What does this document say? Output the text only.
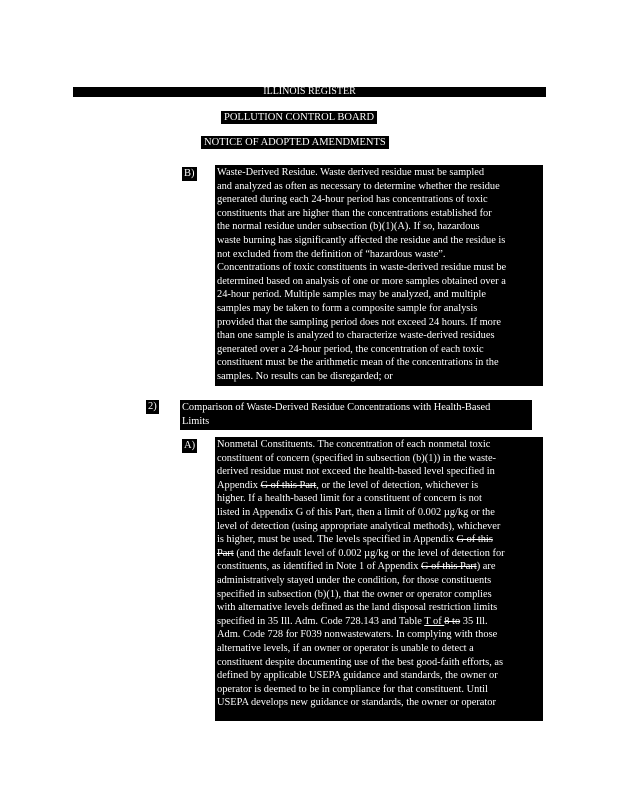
ILLINOIS REGISTER
POLLUTION CONTROL BOARD
NOTICE OF ADOPTED AMENDMENTS
B) Waste-Derived Residue. Waste derived residue must be sampled
and analyzed as often as necessary to determine whether the residue
generated during each 24-hour period has concentrations of toxic
constituents that are higher than the concentrations established for
the normal residue under subsection (b)(1)(A). If so, hazardous
waste burning has significantly affected the residue and the residue is
not excluded from the definition of “hazardous waste”.
Concentrations of toxic constituents in waste-derived residue must be
determined based on analysis of one or more samples obtained over a
24-hour period. Multiple samples may be analyzed, and multiple
samples may be taken to form a composite sample for analysis
provided that the sampling period does not exceed 24 hours. If more
than one sample is analyzed to characterize waste-derived residues
generated over a 24-hour period, the concentration of each toxic
constituent must be the arithmetic mean of the concentrations in the
samples. No results can be disregarded; or
2) Comparison of Waste-Derived Residue Concentrations with Health-Based
Limits
A) Nonmetal Constituents. The concentration of each nonmetal toxic
constituent of concern (specified in subsection (b)(1)) in the waste-
derived residue must not exceed the health-based level specified in
Appendix G of this Part, or the level of detection, whichever is
higher. If a health-based limit for a constituent of concern is not
listed in Appendix G of this Part, then a limit of 0.002 µg/kg or the
level of detection (using appropriate analytical methods), whichever
is higher, must be used. The levels specified in Appendix G of this
Part (and the default level of 0.002 µg/kg or the level of detection for
constituents, as identified in Note 1 of Appendix G of this Part) are
administratively stayed under the condition, for those constituents
specified in subsection (b)(1), that the owner or operator complies
with alternative levels defined as the land disposal restriction limits
specified in 35 Ill. Adm. Code 728.143 and Table T of 8 to 35 Ill.
Adm. Code 728 for F039 nonwastewaters. In complying with those
alternative levels, if an owner or operator is unable to detect a
constituent despite documenting use of the best good-faith efforts, as
defined by applicable USEPA guidance and standards, the owner or
operator is deemed to be in compliance for that constituent. Until
USEPA develops new guidance or standards, the owner or operator
